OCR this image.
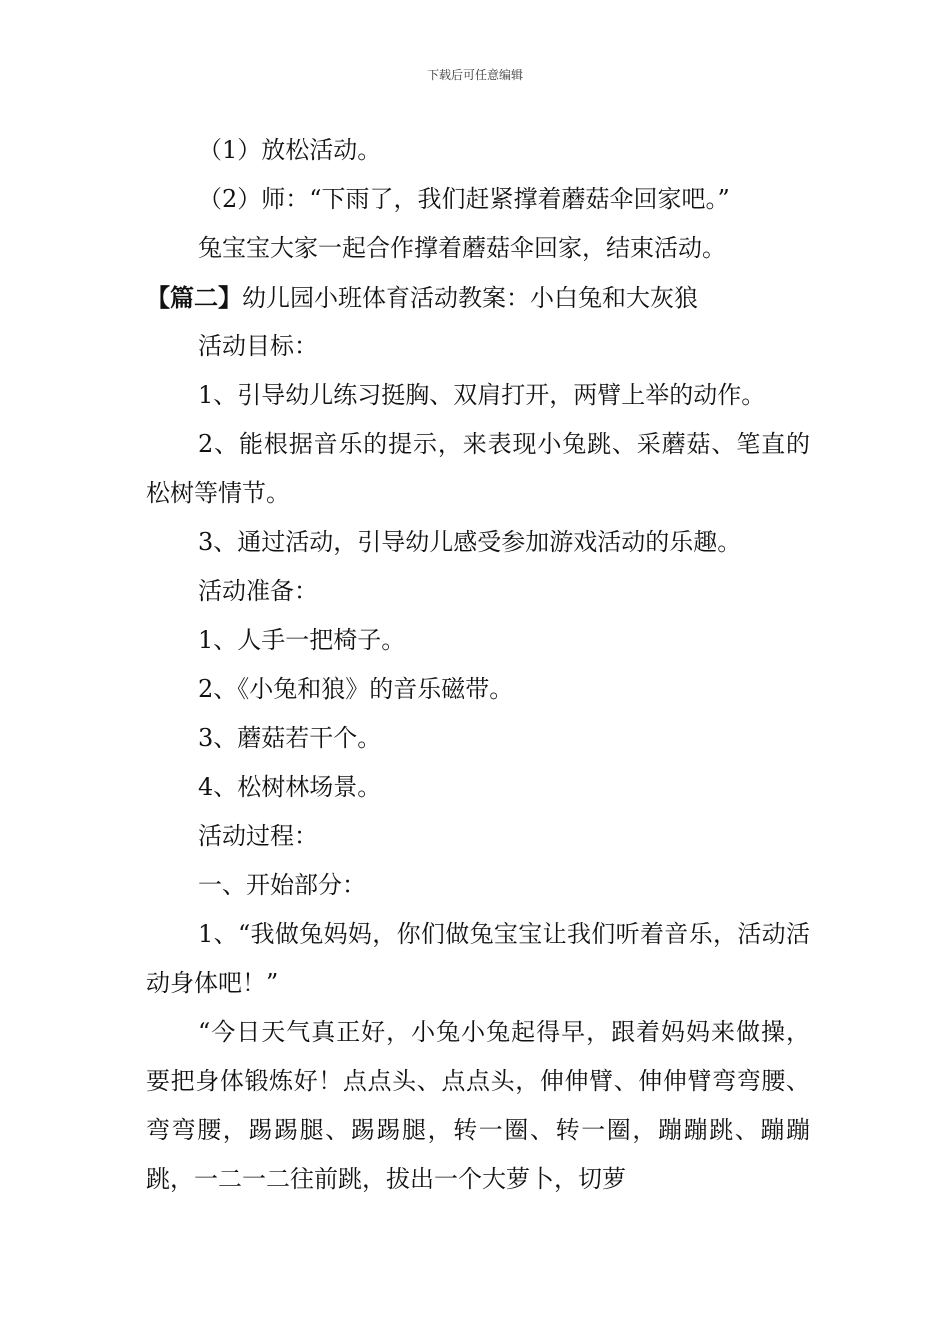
下载后可任意编辑
（1）放松活动。
（2）师：“下雨了，我们赶紧撑着蘑菇伞回家吧。”
兔宝宝大家一起合作撑着蘑菇伞回家，结束活动。
【篇二】幼儿园小班体育活动教案：小白兔和大灰狼
活动目标：
1、引导幼儿练习挺胸、双肩打开，两臂上举的动作。
2、能根据音乐的提示，来表现小兔跳、采蘑菇、笔直的松树等情节。
3、通过活动，引导幼儿感受参加游戏活动的乐趣。
活动准备：
1、人手一把椅子。
2、《小兔和狼》的音乐磁带。
3、蘑菇若干个。
4、松树林场景。
活动过程：
一、开始部分：
1、“我做兔妈妈，你们做兔宝宝让我们听着音乐，活动活动身体吧！”
“今日天气真正好，小兔小兔起得早，跟着妈妈来做操，要把身体锻炼好！点点头、点点头，伸伸臂、伸伸臂弯弯腰、弯弯腰，踢踢腿、踢踢腿，转一圈、转一圈，蹦蹦跳、蹦蹦跳，一二一二往前跳，拔出一个大萝卜，切萝
